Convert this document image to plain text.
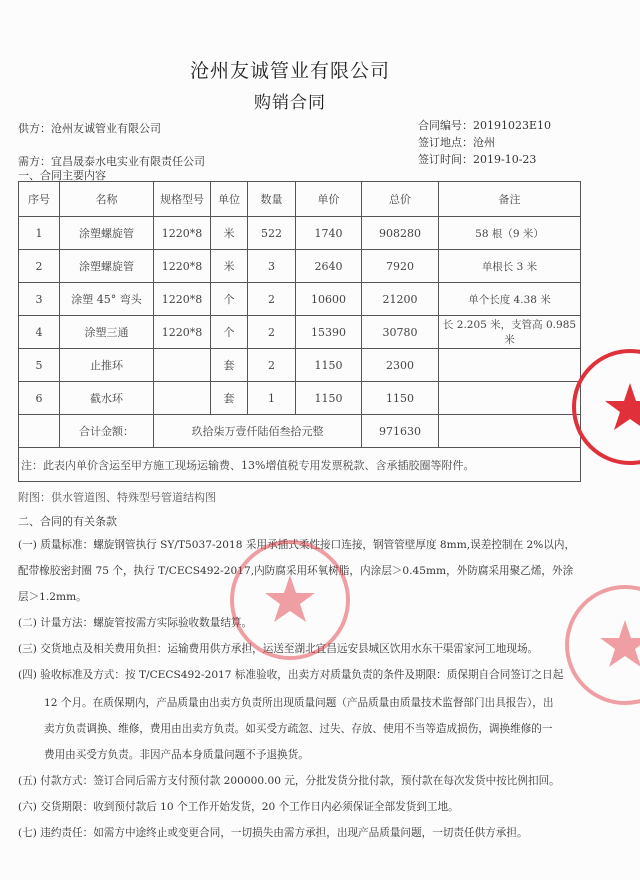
沧州友诚管业有限公司
购销合同
供方：沧州友诚管业有限公司	合同编号：20191023E10
签订地点：沧州
需方：宜昌晟泰水电实业有限责任公司	签订时间：2019-10-23
一、合同主要内容
序号	名称	规格型号	单位	数量	单价	总价	备注
1	涂塑螺旋管	1220*8	米	522	1740	908280	58 根（9 米）
2	涂塑螺旋管	1220*8	米	3	2640	7920	单根长 3 米
3	涂塑 45° 弯头	1220*8	个	2	10600	21200	单个长度 4.38 米
4	涂塑三通	1220*8	个	2	15390	30780	长 2.205 米，支管高 0.985 米
5	止推环		套	2	1150	2300	
6	截水环		套	1	1150	1150	
	合计金额：	玖拾柒万壹仟陆佰叁拾元整				971630	
注：此表内单价含运至甲方施工现场运输费、13%增值税专用发票税款、含承插胶圈等附件。							
附图：供水管道图、特殊型号管道结构图
二、合同的有关条款
(一) 质量标准：螺旋钢管执行 SY/T5037-2018 采用承插式柔性接口连接，钢管管壁厚度 8mm,误差控制在 2%以内，
配带橡胶密封圈 75 个，执行 T/CECS492-2017,内防腐采用环氧树脂，内涂层＞0.45mm，外防腐采用聚乙烯，外涂
层＞1.2mm。
(二) 计量方法：螺旋管按需方实际验收数量结算。
(三) 交货地点及相关费用负担：运输费用供方承担，运送至湖北宜昌远安县城区饮用水东干渠雷家河工地现场。
(四) 验收标准及方式：按 T/CECS492-2017 标准验收，出卖方对质量负责的条件及期限：质保期自合同签订之日起
12 个月。在质保期内，产品质量由出卖方负责所出现质量问题（产品质量由质量技术监督部门出具报告），出
卖方负责调换、维修，费用由出卖方负责。如买受方疏忽、过失、存放、使用不当等造成损伤，调换维修的一
费用由买受方负责。非因产品本身质量问题不予退换货。
(五) 付款方式：签订合同后需方支付预付款 200000.00 元，分批发货分批付款，预付款在每次发货中按比例扣回。
(六) 交货期限：收到预付款后 10 个工作开始发货，20 个工作日内必须保证全部发货到工地。
(七) 违约责任：如需方中途终止或变更合同，一切损失由需方承担，出现产品质量问题，一切责任供方承担。
